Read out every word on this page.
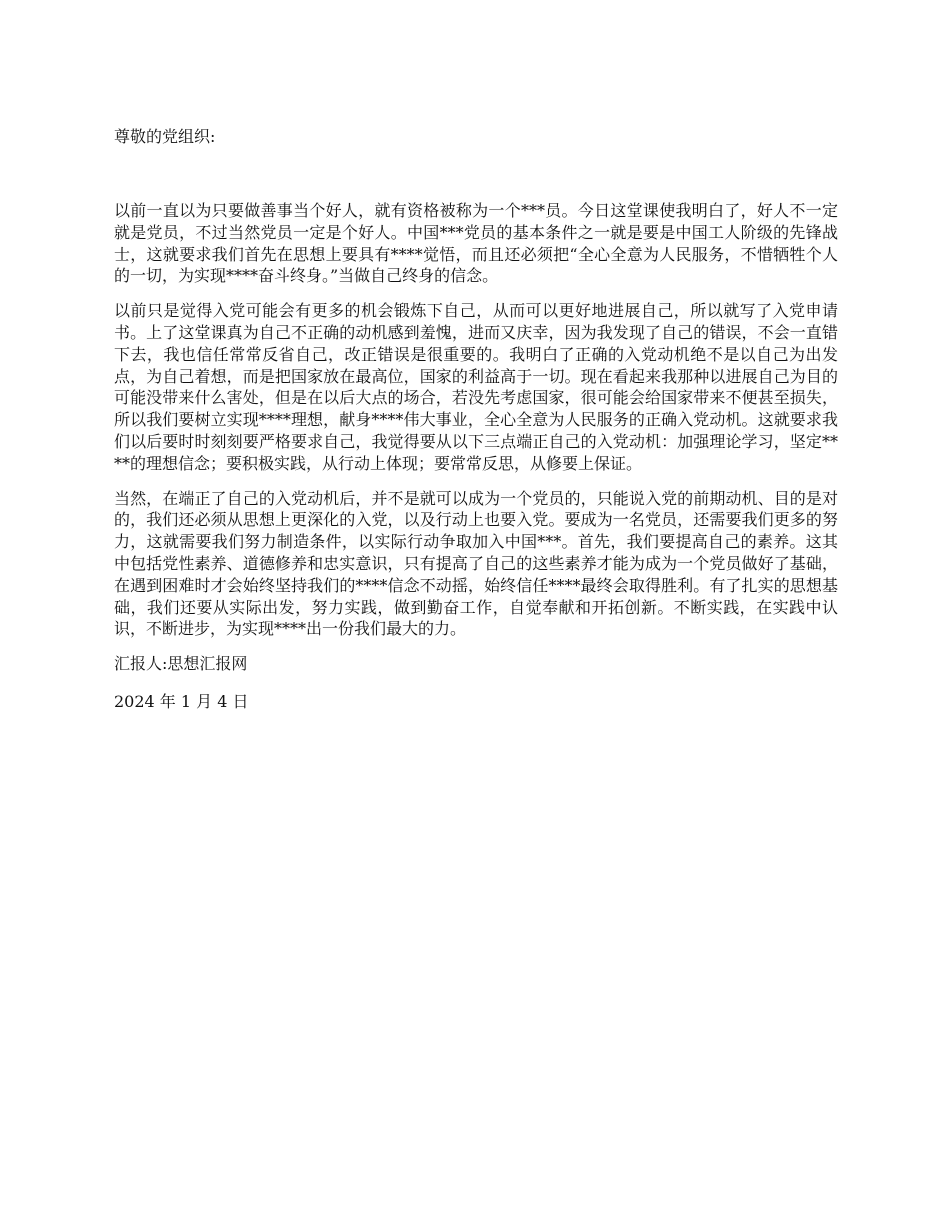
尊敬的党组织:

以前一直以为只要做善事当个好人，就有资格被称为一个***员。今日这堂课使我明白了，好人不一定就是党员，不过当然党员一定是个好人。中国***党员的基本条件之一就是要是中国工人阶级的先锋战士，这就要求我们首先在思想上要具有****觉悟，而且还必须把“全心全意为人民服务，不惜牺牲个人的一切，为实现****奋斗终身。”当做自己终身的信念。

以前只是觉得入党可能会有更多的机会锻炼下自己，从而可以更好地进展自己，所以就写了入党申请书。上了这堂课真为自己不正确的动机感到羞愧，进而又庆幸，因为我发现了自己的错误，不会一直错下去，我也信任常常反省自己，改正错误是很重要的。我明白了正确的入党动机绝不是以自己为出发点，为自己着想，而是把国家放在最高位，国家的利益高于一切。现在看起来我那种以进展自己为目的可能没带来什么害处，但是在以后大点的场合，若没先考虑国家，很可能会给国家带来不便甚至损失，所以我们要树立实现****理想，献身****伟大事业，全心全意为人民服务的正确入党动机。这就要求我们以后要时时刻刻要严格要求自己，我觉得要从以下三点端正自己的入党动机：加强理论学习，坚定****的理想信念；要积极实践，从行动上体现；要常常反思，从修要上保证。

当然，在端正了自己的入党动机后，并不是就可以成为一个党员的，只能说入党的前期动机、目的是对的，我们还必须从思想上更深化的入党，以及行动上也要入党。要成为一名党员，还需要我们更多的努力，这就需要我们努力制造条件，以实际行动争取加入中国***。首先，我们要提高自己的素养。这其中包括党性素养、道德修养和忠实意识，只有提高了自己的这些素养才能为成为一个党员做好了基础，在遇到困难时才会始终坚持我们的****信念不动摇，始终信任****最终会取得胜利。有了扎实的思想基础，我们还要从实际出发，努力实践，做到勤奋工作，自觉奉献和开拓创新。不断实践，在实践中认识，不断进步，为实现****出一份我们最大的力。

汇报人:思想汇报网

2024 年 1 月 4 日
